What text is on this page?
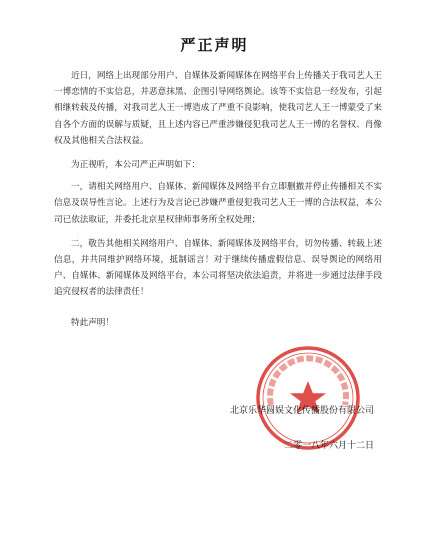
严正声明

近日，网络上出现部分用户、自媒体及新闻媒体在网络平台上传播关于我司艺人王一博恋情的不实信息，并恶意抹黑、企图引导网络舆论。该等不实信息一经发布，引起相继转载及传播，对我司艺人王一博造成了严重不良影响，使我司艺人王一博蒙受了来自各个方面的误解与质疑，且上述内容已严重涉嫌侵犯我司艺人王一博的名誉权、肖像权及其他相关合法权益。

为正视听，本公司严正声明如下：

一，请相关网络用户、自媒体、新闻媒体及网络平台立即删撤并停止传播相关不实信息及误导性言论。上述行为及言论已涉嫌严重侵犯我司艺人王一博的合法权益，本公司已依法取证，并委托北京星权律师事务所全权处理；

二，敬告其他相关网络用户、自媒体、新闻媒体及网络平台，切勿传播、转载上述信息，并共同维护网络环境，抵制谣言！对于继续传播虚假信息、误导舆论的网络用户、自媒体、新闻媒体及网络平台，本公司将坚决依法追责，并将进一步通过法律手段追究侵权者的法律责任！

特此声明！

北京乐华圆娱文化传播股份有限公司
二零一八年六月十二日
